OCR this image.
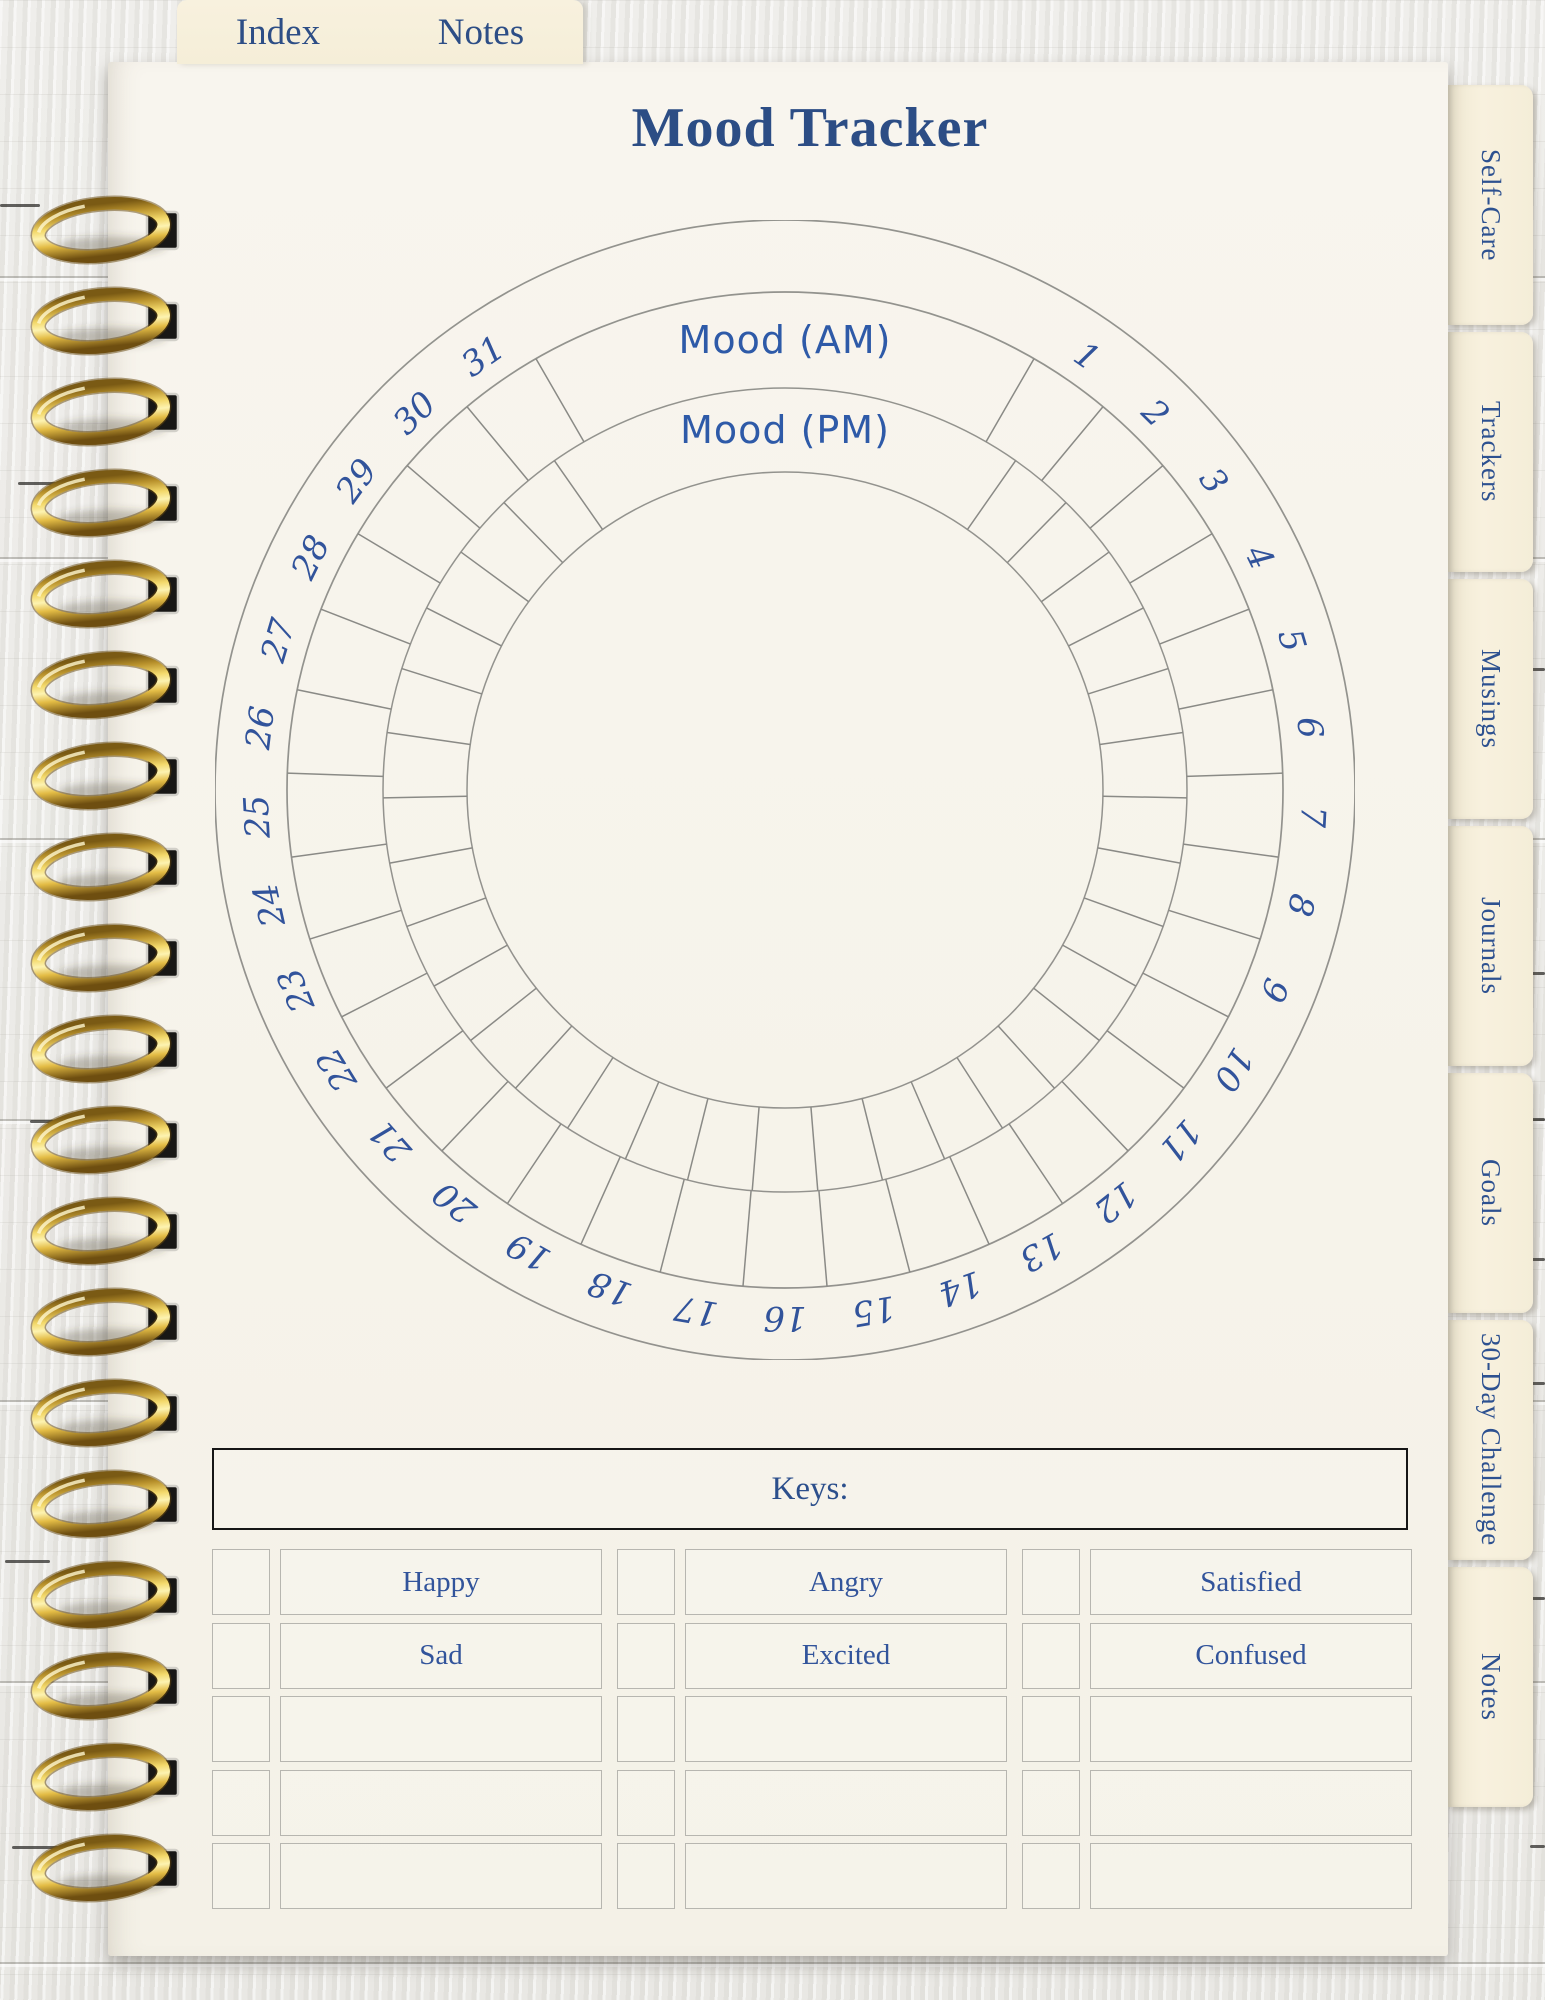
Index	Notes
Mood Tracker
1
2
3
4
5
6
7
8
9
10
11
12
13
14
15
16
17
18
19
20
21
22
23
24
25
26
27
28
29
30
31	Mood (AM)
Mood (PM)
Keys:
Happy	Angry	Satisfied
Sad	Excited	Confused
Self-Care
Trackers
Musings
Journals
Goals
30-Day Challenge
Notes
